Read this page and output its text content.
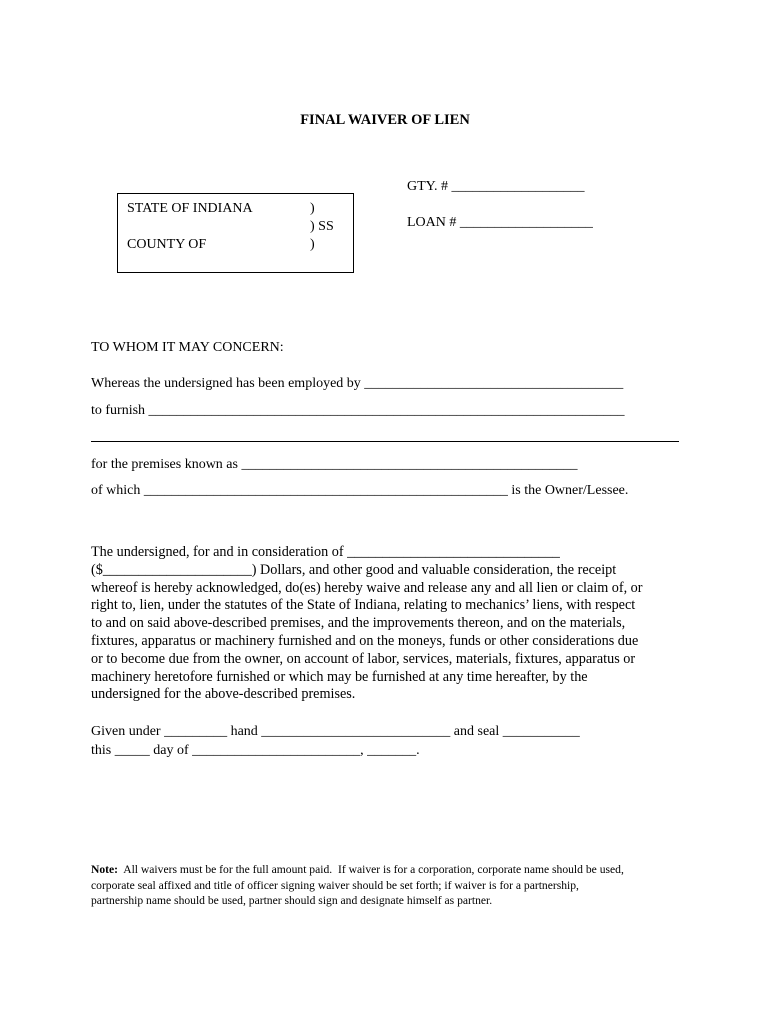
FINAL WAIVER OF LIEN
GTY. # ___________________
LOAN # ___________________
STATE OF INDIANA
COUNTY OF
)
) SS
)
TO WHOM IT MAY CONCERN:
Whereas the undersigned has been employed by _____________________________________
to furnish ____________________________________________________________________
for the premises known as ________________________________________________
of which ____________________________________________________ is the Owner/Lessee.
The undersigned, for and in consideration of ______________________________
($_____________________) Dollars, and other good and valuable consideration, the receipt
whereof is hereby acknowledged, do(es) hereby waive and release any and all lien or claim of, or
right to, lien, under the statutes of the State of Indiana, relating to mechanics’ liens, with respect
to and on said above-described premises, and the improvements thereon, and on the materials,
fixtures, apparatus or machinery furnished and on the moneys, funds or other considerations due
or to become due from the owner, on account of labor, services, materials, fixtures, apparatus or
machinery heretofore furnished or which may be furnished at any time hereafter, by the
undersigned for the above-described premises.
Given under _________ hand ___________________________ and seal ___________
this _____ day of ________________________, _______.
Note:  All waivers must be for the full amount paid.  If waiver is for a corporation, corporate name should be used,
corporate seal affixed and title of officer signing waiver should be set forth; if waiver is for a partnership,
partnership name should be used, partner should sign and designate himself as partner.
